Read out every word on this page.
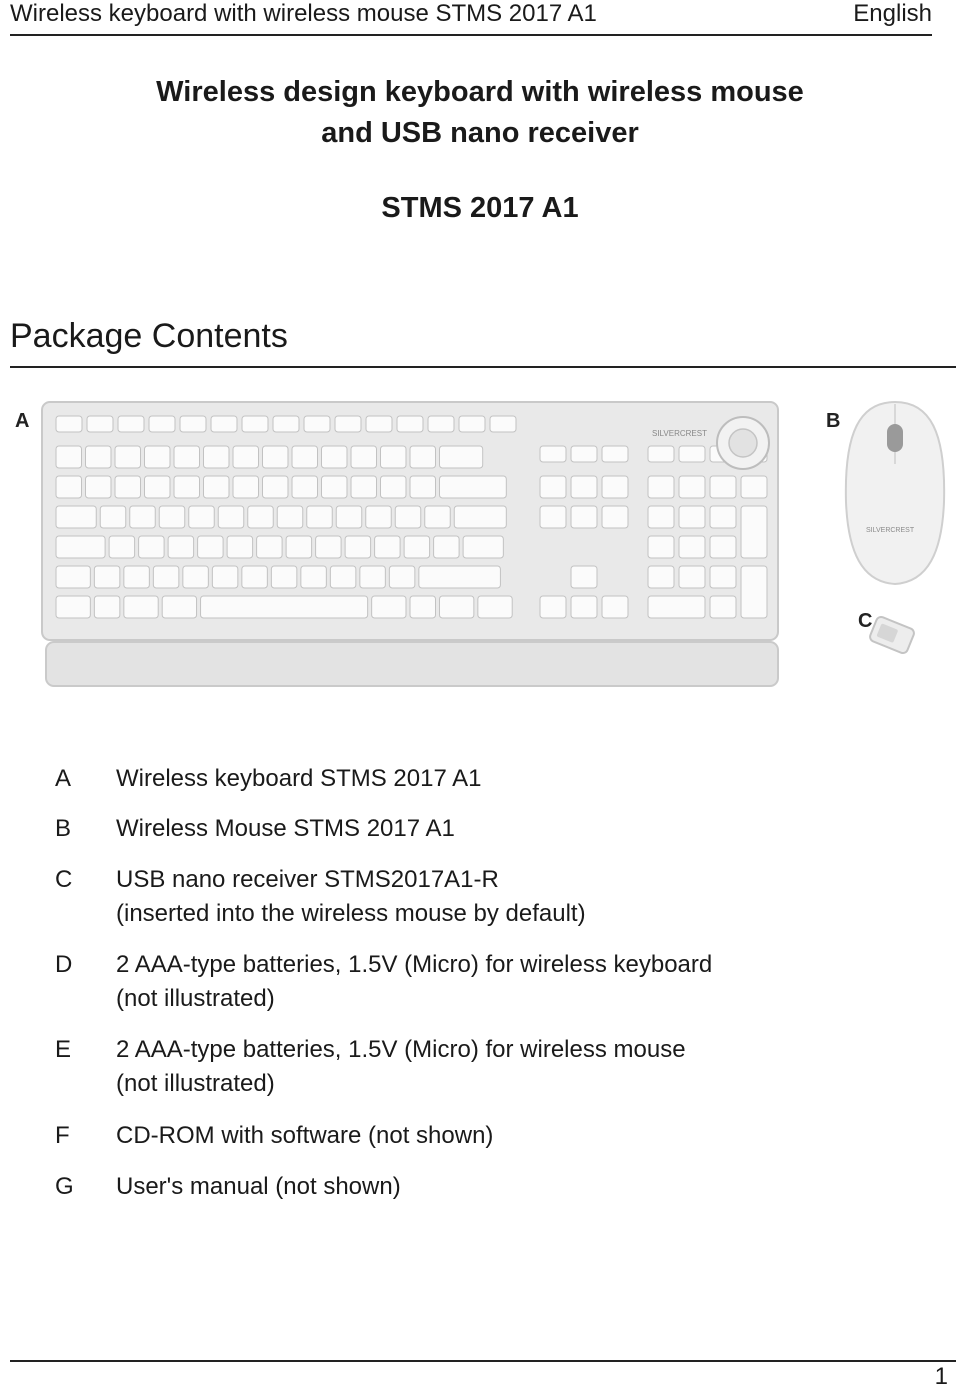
Wireless keyboard with wireless mouse STMS 2017 A1	English
Wireless design keyboard with wireless mouse
and USB nano receiver
STMS 2017 A1
Package Contents
SILVERCREST
SILVERCREST
A	B
C
A Wireless keyboard STMS 2017 A1
B Wireless Mouse STMS 2017 A1
C USB nano receiver STMS2017A1-R
(inserted into the wireless mouse by default)
D 2 AAA-type batteries, 1.5V (Micro) for wireless keyboard
(not illustrated)
E 2 AAA-type batteries, 1.5V (Micro) for wireless mouse
(not illustrated)
F CD-ROM with software (not shown)
G User's manual (not shown)
1
